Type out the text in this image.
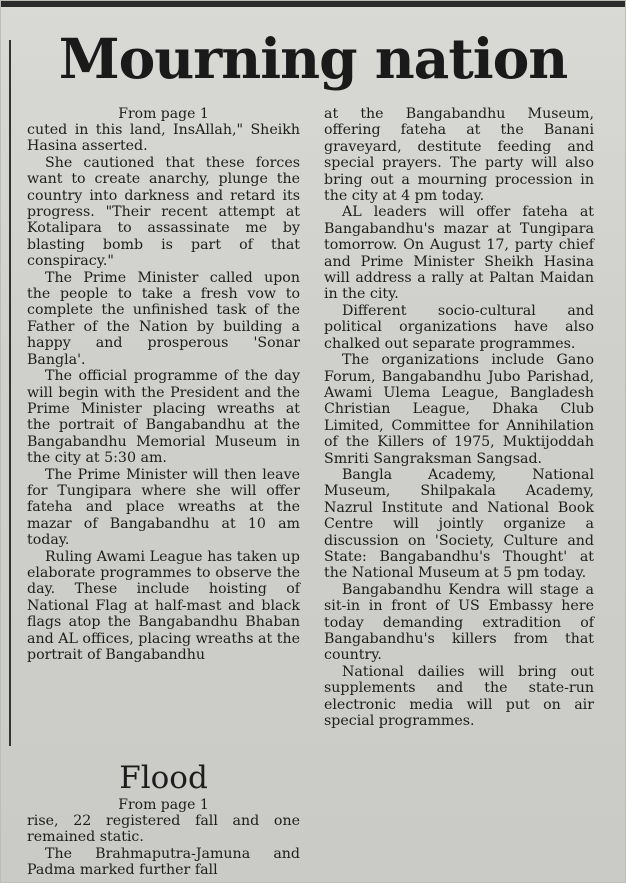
Mourning nation

From page 1

cuted in this land, InsAllah," Sheikh Hasina asserted.

She cautioned that these forces want to create anarchy, plunge the country into darkness and retard its progress. "Their recent attempt at Kotalipara to assassinate me by blasting bomb is part of that conspiracy."

The Prime Minister called upon the people to take a fresh vow to complete the unfinished task of the Father of the Nation by building a happy and prosperous 'Sonar Bangla'.

The official programme of the day will begin with the President and the Prime Minister placing wreaths at the portrait of Bangabandhu at the Bangabandhu Memorial Museum in the city at 5:30 am.

The Prime Minister will then leave for Tungipara where she will offer fateha and place wreaths at the mazar of Bangabandhu at 10 am today.

Ruling Awami League has taken up elaborate programmes to observe the day. These include hoisting of National Flag at half-mast and black flags atop the Bangabandhu Bhaban and AL offices, placing wreaths at the portrait of Bangabandhu

at the Bangabandhu Museum, offering fateha at the Banani graveyard, destitute feeding and special prayers. The party will also bring out a mourning procession in the city at 4 pm today.

AL leaders will offer fateha at Bangabandhu's mazar at Tungipara tomorrow. On August 17, party chief and Prime Minister Sheikh Hasina will address a rally at Paltan Maidan in the city.

Different socio-cultural and political organizations have also chalked out separate programmes.

The organizations include Gano Forum, Bangabandhu Jubo Parishad, Awami Ulema League, Bangladesh Christian League, Dhaka Club Limited, Committee for Annihilation of the Killers of 1975, Muktijoddah Smriti Sangraksman Sangsad.

Bangla Academy, National Museum, Shilpakala Academy, Nazrul Institute and National Book Centre will jointly organize a discussion on 'Society, Culture and State: Bangabandhu's Thought' at the National Museum at 5 pm today.

Bangabandhu Kendra will stage a sit-in in front of US Embassy here today demanding extradition of Bangabandhu's killers from that country.

National dailies will bring out supplements and the state-run electronic media will put on air special programmes.

Flood

From page 1

rise, 22 registered fall and one remained static.

The Brahmaputra-Jamuna and Padma marked further fall
